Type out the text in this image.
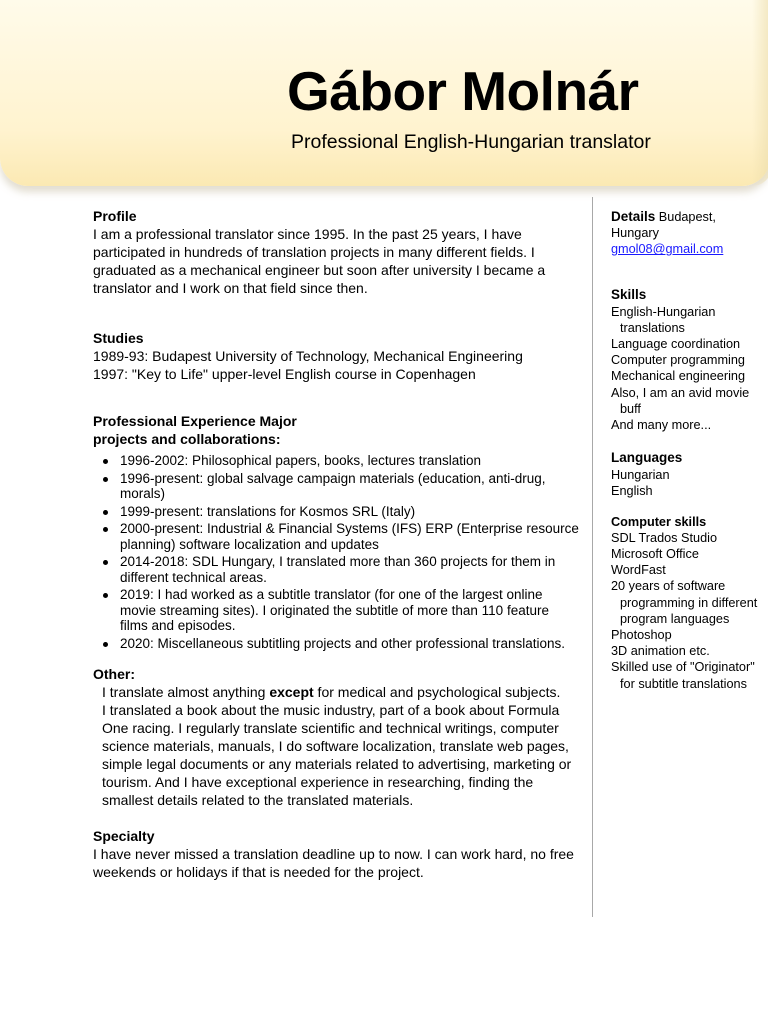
Gábor Molnár

Professional English-Hungarian translator

Profile

I am a professional translator since 1995. In the past 25 years, I have participated in hundreds of translation projects in many different fields. I graduated as a mechanical engineer but soon after university I became a translator and I work on that field since then.

Studies

1989-93: Budapest University of Technology, Mechanical Engineering

1997: "Key to Life" upper-level English course in Copenhagen

Professional Experience Major projects and collaborations:
1996-2002: Philosophical papers, books, lectures translation
1996-present: global salvage campaign materials (education, anti-drug, morals)
1999-present: translations for Kosmos SRL (Italy)
2000-present: Industrial & Financial Systems (IFS) ERP (Enterprise resource planning) software localization and updates
2014-2018: SDL Hungary, I translated more than 360 projects for them in different technical areas.
2019: I had worked as a subtitle translator (for one of the largest online movie streaming sites). I originated the subtitle of more than 110 feature films and episodes.
2020: Miscellaneous subtitling projects and other professional translations.
Other:

I translate almost anything except for medical and psychological subjects.

I translated a book about the music industry, part of a book about Formula One racing. I regularly translate scientific and technical writings, computer science materials, manuals, I do software localization, translate web pages, simple legal documents or any materials related to advertising, marketing or tourism. And I have exceptional experience in researching, finding the smallest details related to the translated materials.

Specialty

I have never missed a translation deadline up to now. I can work hard, no free weekends or holidays if that is needed for the project.

Details Budapest, Hungary
gmol08@gmail.com
Skills
English-Hungarian translations
Language coordination
Computer programming
Mechanical engineering
Also, I am an avid movie buff
And many more...
Languages
Hungarian
English
Computer skills
SDL Trados Studio
Microsoft Office
WordFast
20 years of software programming in different program languages
Photoshop
3D animation etc.
Skilled use of "Originator" for subtitle translations
